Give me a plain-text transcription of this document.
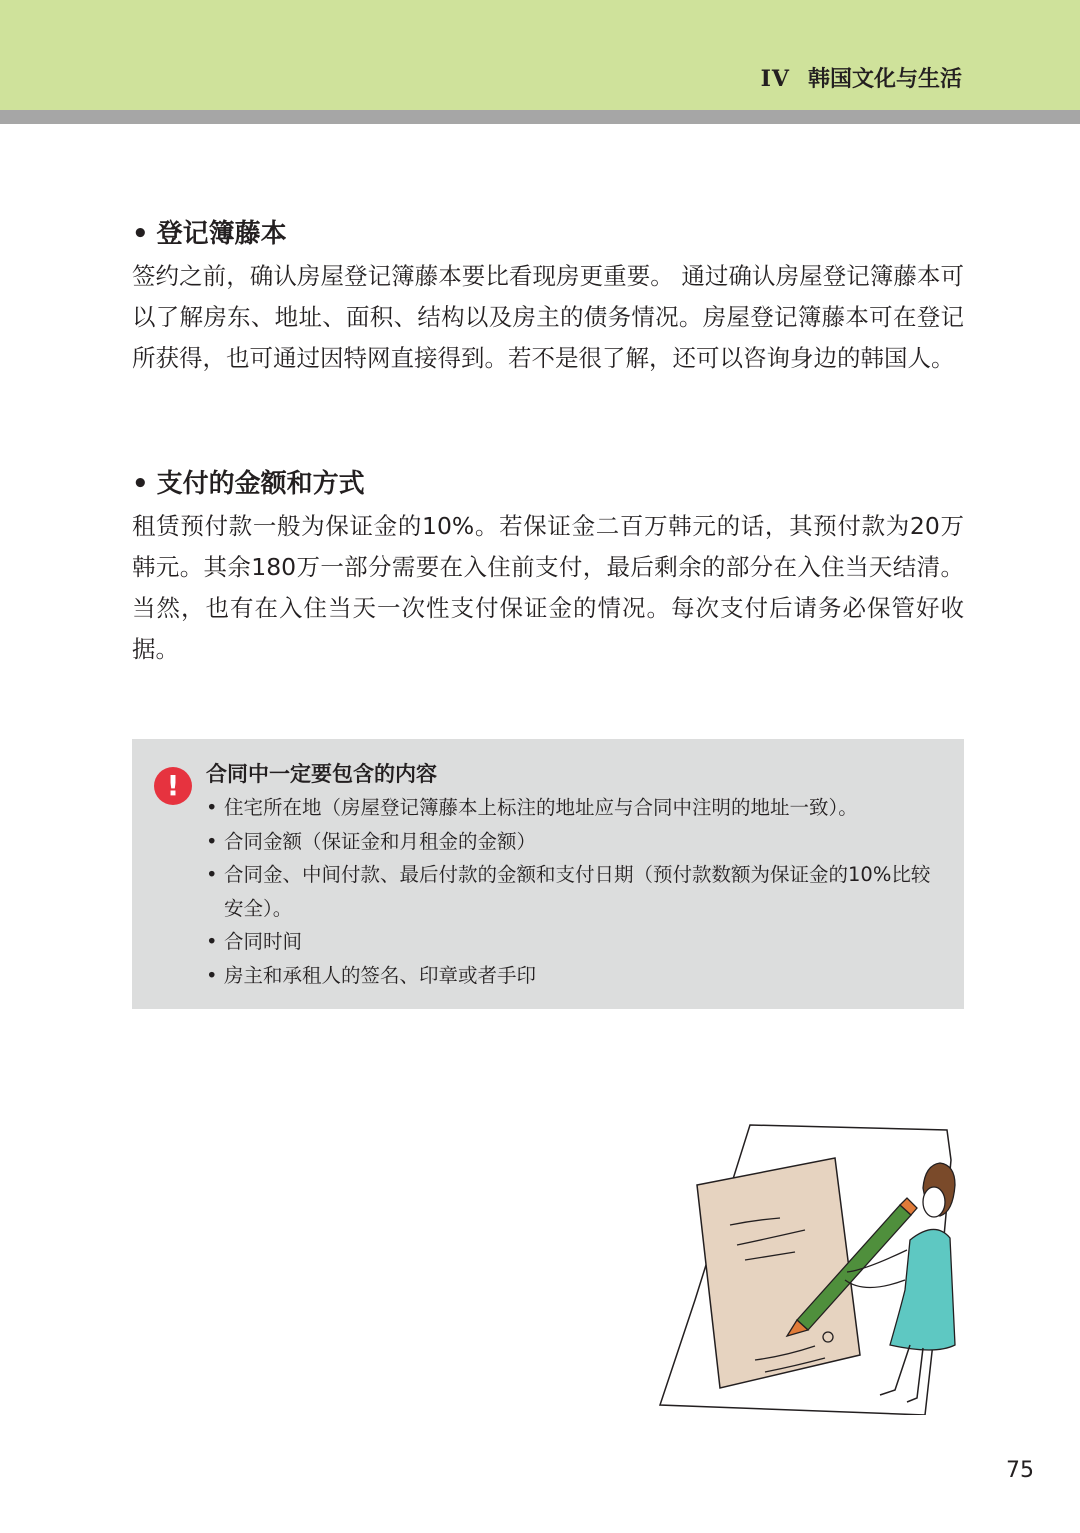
IV 韩国文化与生活
• 登记簿藤本

签约之前，确认房屋登记簿藤本要比看现房更重要。 通过确认房屋登记簿藤本可以了解房东、地址、面积、结构以及房主的债务情况。房屋登记簿藤本可在登记所获得，也可通过因特网直接得到。若不是很了解，还可以咨询身边的韩国人。

• 支付的金额和方式

租赁预付款一般为保证金的10%。若保证金二百万韩元的话，其预付款为20万韩元。其余180万一部分需要在入住前支付，最后剩余的部分在入住当天结清。当然，也有在入住当天一次性支付保证金的情况。每次支付后请务必保管好收据。

!	合同中一定要包含的内容
• 住宅所在地（房屋登记簿藤本上标注的地址应与合同中注明的地址一致）。
• 合同金额（保证金和月租金的金额）
• 合同金、中间付款、最后付款的金额和支付日期（预付款数额为保证金的10%比较安全）。
• 合同时间
• 房主和承租人的签名、印章或者手印
75
